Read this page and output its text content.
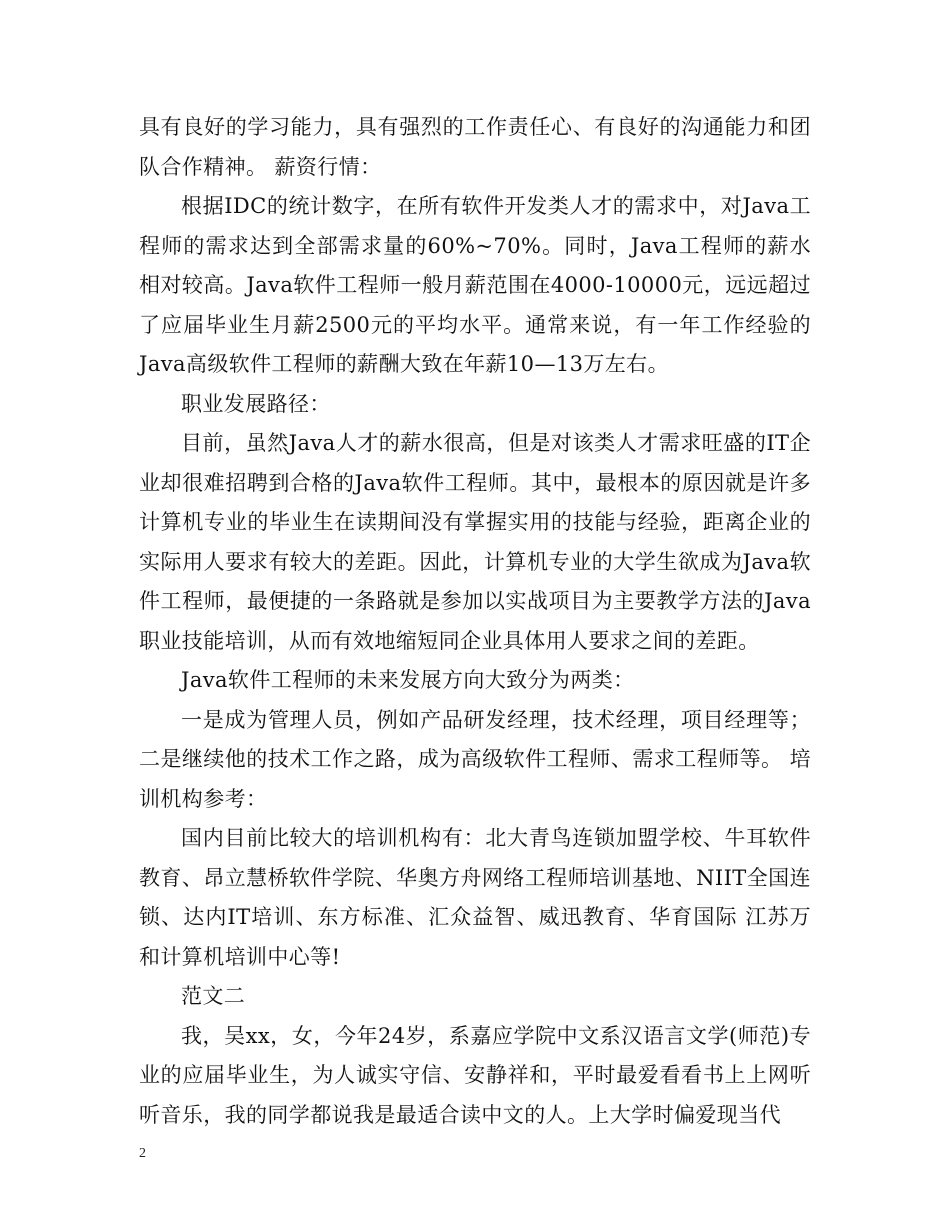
具有良好的学习能力，具有强烈的工作责任心、有良好的沟通能力和团队合作精神。 薪资行情：

根据IDC的统计数字，在所有软件开发类人才的需求中，对Java工程师的需求达到全部需求量的60%~70%。同时，Java工程师的薪水相对较高。Java软件工程师一般月薪范围在4000-10000元，远远超过了应届毕业生月薪2500元的平均水平。通常来说，有一年工作经验的Java高级软件工程师的薪酬大致在年薪10—13万左右。

职业发展路径：

目前，虽然Java人才的薪水很高，但是对该类人才需求旺盛的IT企业却很难招聘到合格的Java软件工程师。其中，最根本的原因就是许多计算机专业的毕业生在读期间没有掌握实用的技能与经验，距离企业的实际用人要求有较大的差距。因此，计算机专业的大学生欲成为Java软件工程师，最便捷的一条路就是参加以实战项目为主要教学方法的Java职业技能培训，从而有效地缩短同企业具体用人要求之间的差距。

Java软件工程师的未来发展方向大致分为两类：

一是成为管理人员，例如产品研发经理，技术经理，项目经理等；二是继续他的技术工作之路，成为高级软件工程师、需求工程师等。 培训机构参考：

国内目前比较大的培训机构有：北大青鸟连锁加盟学校、牛耳软件教育、昂立慧桥软件学院、华奥方舟网络工程师培训基地、NIIT全国连锁、达内IT培训、东方标准、汇众益智、威迅教育、华育国际 江苏万和计算机培训中心等!

范文二

我，吴xx，女，今年24岁，系嘉应学院中文系汉语言文学(师范)专业的应届毕业生，为人诚实守信、安静祥和，平时最爱看看书上上网听听音乐，我的同学都说我是最适合读中文的人。上大学时偏爱现当代

2
